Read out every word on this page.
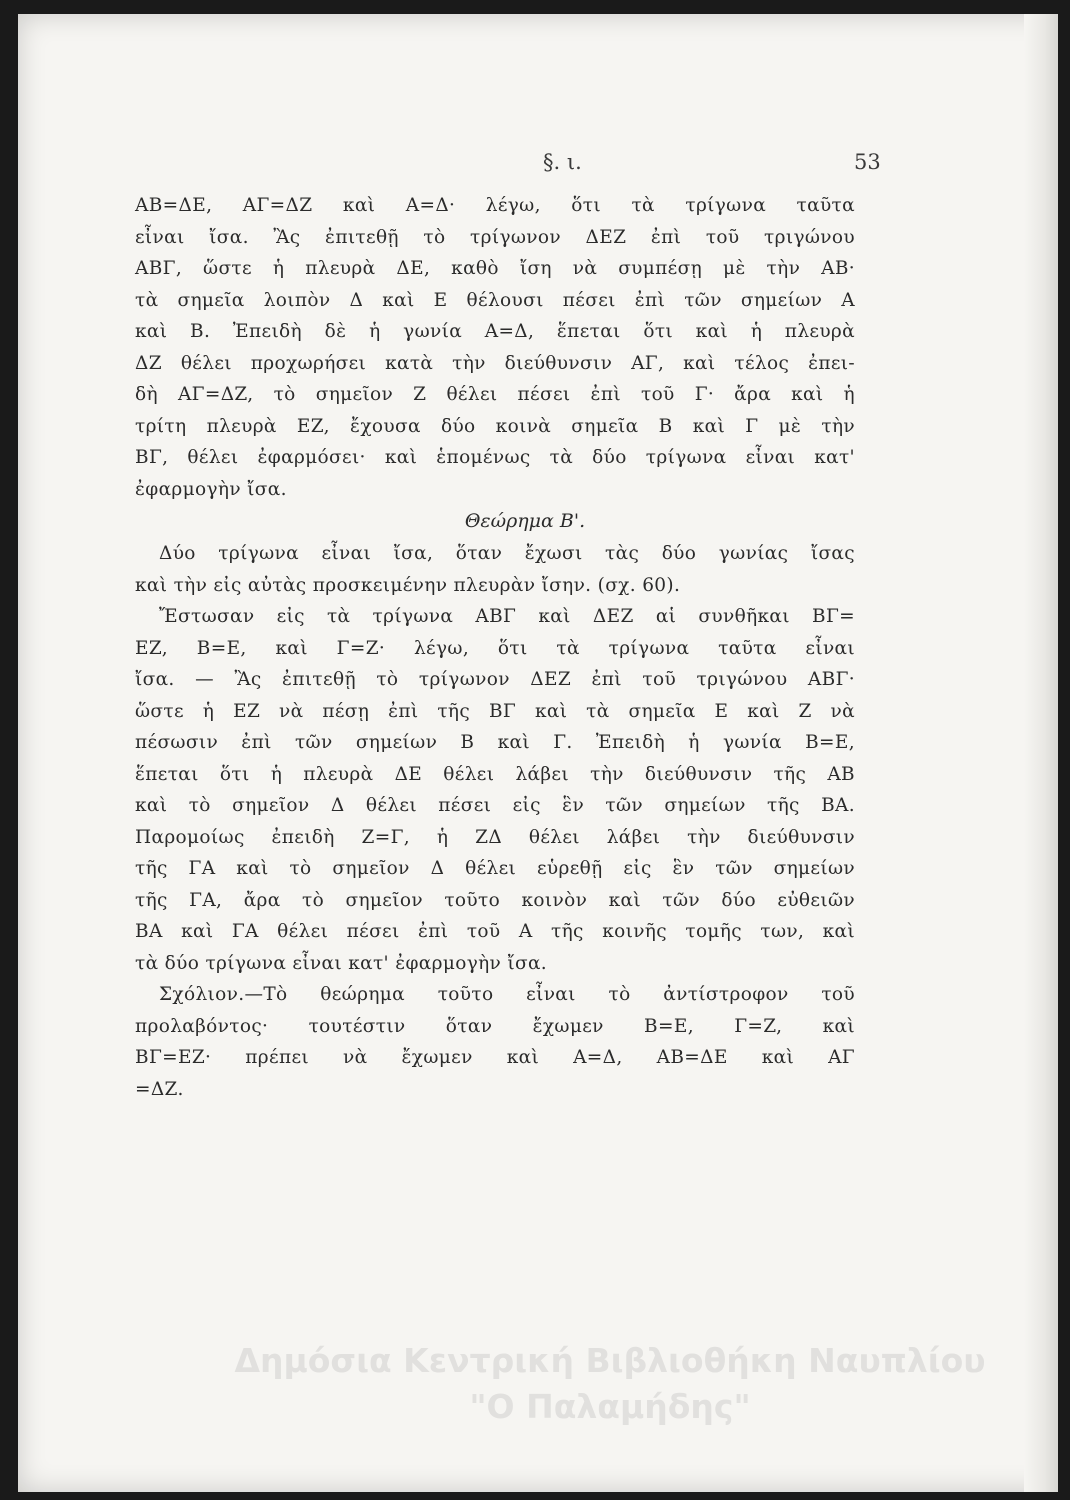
§. ι.	53
AB=ΔE, AΓ=ΔZ καὶ A=Δ· λέγω, ὅτι τὰ τρίγωνα ταῦτα
εἶναι ἴσα. Ἂς ἐπιτεθῇ τὸ τρίγωνον ΔEZ ἐπὶ τοῦ τριγώνου
ABΓ, ὥστε ἡ πλευρὰ ΔE, καθὸ ἴση νὰ συμπέσῃ μὲ τὴν AB·
τὰ σημεῖα λοιπὸν Δ καὶ E θέλουσι πέσει ἐπὶ τῶν σημείων A
καὶ B. Ἐπειδὴ δὲ ἡ γωνία A=Δ, ἕπεται ὅτι καὶ ἡ πλευρὰ
ΔZ θέλει προχωρήσει κατὰ τὴν διεύθυνσιν AΓ, καὶ τέλος ἐπει-
δὴ AΓ=ΔZ, τὸ σημεῖον Z θέλει πέσει ἐπὶ τοῦ Γ· ἄρα καὶ ἡ
τρίτη πλευρὰ EZ, ἔχουσα δύο κοινὰ σημεῖα B καὶ Γ μὲ τὴν
BΓ, θέλει ἐφαρμόσει· καὶ ἑπομένως τὰ δύο τρίγωνα εἶναι κατ'
ἐφαρμογὴν ἴσα.
Θεώρημα Β'.
Δύο τρίγωνα εἶναι ἴσα, ὅταν ἔχωσι τὰς δύο γωνίας ἴσας
καὶ τὴν εἰς αὐτὰς προσκειμένην πλευρὰν ἴσην. (σχ. 60).
Ἔστωσαν εἰς τὰ τρίγωνα ABΓ καὶ ΔEZ αἱ συνθῆκαι BΓ=
EZ, B=E, καὶ Γ=Z· λέγω, ὅτι τὰ τρίγωνα ταῦτα εἶναι
ἴσα. — Ἂς ἐπιτεθῇ τὸ τρίγωνον ΔEZ ἐπὶ τοῦ τριγώνου ABΓ·
ὥστε ἡ EZ νὰ πέσῃ ἐπὶ τῆς BΓ καὶ τὰ σημεῖα E καὶ Z νὰ
πέσωσιν ἐπὶ τῶν σημείων B καὶ Γ. Ἐπειδὴ ἡ γωνία B=E,
ἕπεται ὅτι ἡ πλευρὰ ΔE θέλει λάβει τὴν διεύθυνσιν τῆς AB
καὶ τὸ σημεῖον Δ θέλει πέσει εἰς ἓν τῶν σημείων τῆς BA.
Παρομοίως ἐπειδὴ Z=Γ, ἡ ZΔ θέλει λάβει τὴν διεύθυνσιν
τῆς ΓA καὶ τὸ σημεῖον Δ θέλει εὑρεθῇ εἰς ἓν τῶν σημείων
τῆς ΓA, ἄρα τὸ σημεῖον τοῦτο κοινὸν καὶ τῶν δύο εὐθειῶν
BA καὶ ΓA θέλει πέσει ἐπὶ τοῦ A τῆς κοινῆς τομῆς των, καὶ
τὰ δύο τρίγωνα εἶναι κατ' ἐφαρμογὴν ἴσα.
Σχόλιον.—Τὸ θεώρημα τοῦτο εἶναι τὸ ἀντίστροφον τοῦ
προλαβόντος· τουτέστιν ὅταν ἔχωμεν B=E, Γ=Z, καὶ
BΓ=EZ· πρέπει νὰ ἔχωμεν καὶ A=Δ, AB=ΔE καὶ AΓ
=ΔZ.
Δημόσια Κεντρική Βιβλιοθήκη Ναυπλίου
"Ο Παλαμήδης"
